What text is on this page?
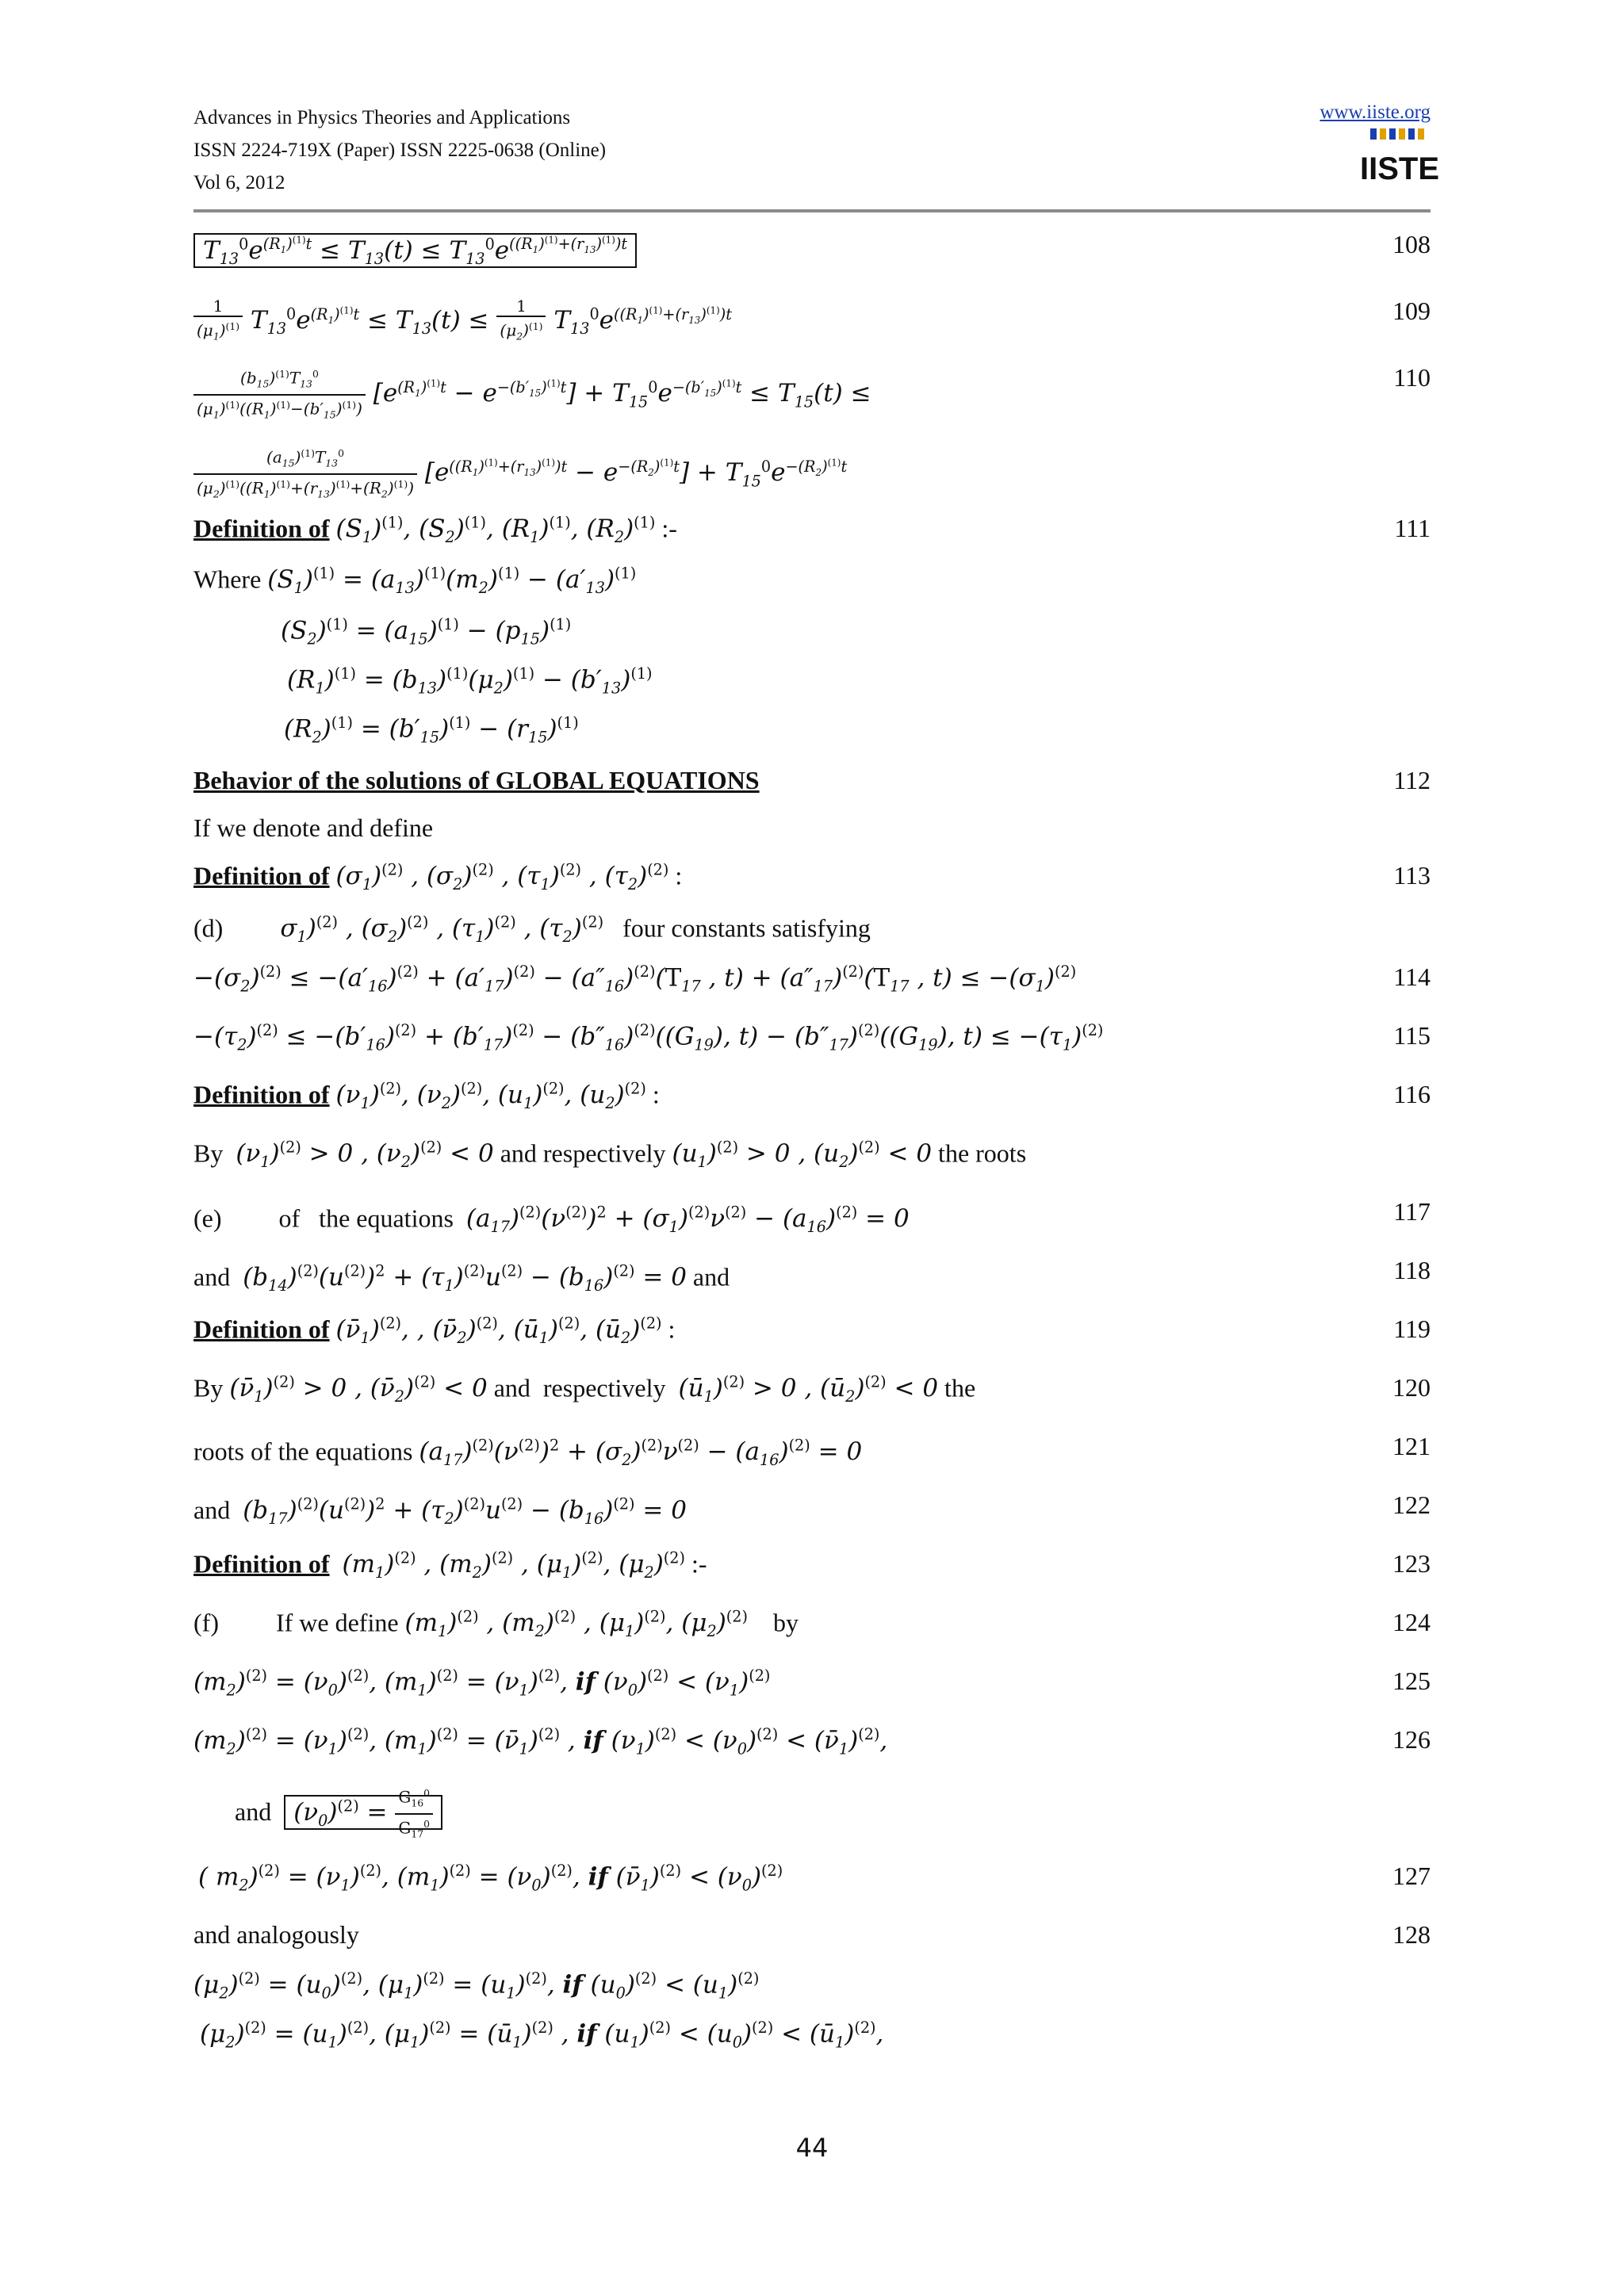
Advances in Physics Theories and Applications
ISSN 2224-719X (Paper) ISSN 2225-0638 (Online)
Vol 6, 2012
www.iiste.org
IISTE
$T_{13}^0e^{(R_1)^{(1)}t} \le T_{13}(t) \le T_{13}^0e^{((R_1)^{(1)}+(r_{13})^{(1)})t}$	108
$\frac{1}{(\mu_1)^{(1)}} T_{13}^0e^{(R_1)^{(1)}t} \le T_{13}(t) \le \frac{1}{(\mu_2)^{(1)}} T_{13}^0e^{((R_1)^{(1)}+(r_{13})^{(1)})t}$	109
$\frac{(b_{15})^{(1)}T_{13}^0}{(\mu_1)^{(1)}((R_1)^{(1)}-(b'_{15})^{(1)})} [e^{(R_1)^{(1)}t} - e^{-(b'_{15})^{(1)}t}] + T_{15}^0e^{-(b'_{15})^{(1)}t} \le T_{15}(t)$ ≤
110
$\frac{(a_{15})^{(1)}T_{13}^0}{(\mu_2)^{(1)}((R_1)^{(1)}+(r_{13})^{(1)}+(R_2)^{(1)})} [e^{((R_1)^{(1)}+(r_{13})^{(1)})t} - e^{-(R_2)^{(1)}t}] + T_{15}^0e^{-(R_2)^{(1)}t}$
Definition of $(S_1)^{(1)}$, $(S_2)^{(1)}$, $(R_1)^{(1)}$, $(R_2)^{(1)}$ :-	111
Where $(S_1)^{(1)} = (a_{13})^{(1)}(m_2)^{(1)} - (a'_{13})^{(1)}$
$(S_2)^{(1)} = (a_{15})^{(1)} - (p_{15})^{(1)}$
$(R_1)^{(1)} = (b_{13})^{(1)}(\mu_2)^{(1)} - (b'_{13})^{(1)}$
$(R_2)^{(1)} = (b'_{15})^{(1)} - (r_{15})^{(1)}$
Behavior of the solutions of GLOBAL EQUATIONS	112
If we denote and define
Definition of $(\sigma_1)^{(2)}$ , $(\sigma_2)^{(2)}$ , $(\tau_1)^{(2)}$ , $(\tau_2)^{(2)}$ :	113
(d)         $\sigma_1)^{(2)}$ , $(\sigma_2)^{(2)}$ , $(\tau_1)^{(2)}$ , $(\tau_2)^{(2)}$   four constants satisfying
$-(\sigma_2)^{(2)} \le -(a'_{16})^{(2)} + (a'_{17})^{(2)} - (a''_{16})^{(2)}(T_{17}$ , $t) + (a''_{17})^{(2)}(T_{17}$ , $t) \le -(\sigma_1)^{(2)}$	114
$-(\tau_2)^{(2)} \le -(b'_{16})^{(2)} + (b'_{17})^{(2)} - (b''_{16})^{(2)}((G_{19})$, $t) - (b''_{17})^{(2)}((G_{19})$, $t) \le -(\tau_1)^{(2)}$	115
Definition of $(\nu_1)^{(2)}$, $(\nu_2)^{(2)}$, $(u_1)^{(2)}$, $(u_2)^{(2)}$ :	116
By  $(\nu_1)^{(2)} > 0$ , $(\nu_2)^{(2)} < 0$ and respectively $(u_1)^{(2)} > 0$ , $(u_2)^{(2)} < 0$ the roots
(e)         of   the equations  $(a_{17})^{(2)}(\nu^{(2)})^2 + (\sigma_1)^{(2)}\nu^{(2)} - (a_{16})^{(2)} = 0$	117
and  $(b_{14})^{(2)}(u^{(2)})^2 + (\tau_1)^{(2)}u^{(2)} - (b_{16})^{(2)} = 0$ and	118
Definition of $(\nū_1)^{(2)}$, , $(\nū_2)^{(2)}$, $(ū_1)^{(2)}$, $(ū_2)^{(2)}$ :	119
By $(\nū_1)^{(2)} > 0$ , $(\nū_2)^{(2)} < 0$ and  respectively  $(ū_1)^{(2)} > 0$ , $(ū_2)^{(2)} < 0$ the	120
roots of the equations $(a_{17})^{(2)}(\nu^{(2)})^2 + (\sigma_2)^{(2)}\nu^{(2)} - (a_{16})^{(2)} = 0$	121
and  $(b_{17})^{(2)}(u^{(2)})^2 + (\tau_2)^{(2)}u^{(2)} - (b_{16})^{(2)} = 0$	122
Definition of $(m_1)^{(2)}$ , $(m_2)^{(2)}$ , $(\mu_1)^{(2)}$, $(\mu_2)^{(2)}$ :-	123
(f)         If we define $(m_1)^{(2)}$ , $(m_2)^{(2)}$ , $(\mu_1)^{(2)}$, $(\mu_2)^{(2)}$    by	124
$(m_2)^{(2)} = (\nu_0)^{(2)}$, $(m_1)^{(2)} = (\nu_1)^{(2)}$, if $(\nu_0)^{(2)} < (\nu_1)^{(2)}$	125
$(m_2)^{(2)} = (\nu_1)^{(2)}$, $(m_1)^{(2)}$ = $(\nū_1)^{(2)}$ , if $(\nu_1)^{(2)} < (\nu_0)^{(2)}$ < $(\nū_1)^{(2)}$,	126
and  $(\nu_0)^{(2)} = \frac{G_{16}^0}{G_{17}^0}$
( $m_2)^{(2)} = (\nu_1)^{(2)}$, $(m_1)^{(2)} = (\nu_0)^{(2)}$, if $(\nū_1)^{(2)} < (\nu_0)^{(2)}$	127
and analogously	128
$(\mu_2)^{(2)} = (u_0)^{(2)}$, $(\mu_1)^{(2)} = (u_1)^{(2)}$, if $(u_0)^{(2)} < (u_1)^{(2)}$
$(\mu_2)^{(2)} = (u_1)^{(2)}$, $(\mu_1)^{(2)}$ = $(ū_1)^{(2)}$ , if $(u_1)^{(2)} < (u_0)^{(2)}$ < $(ū_1)^{(2)}$,
44
